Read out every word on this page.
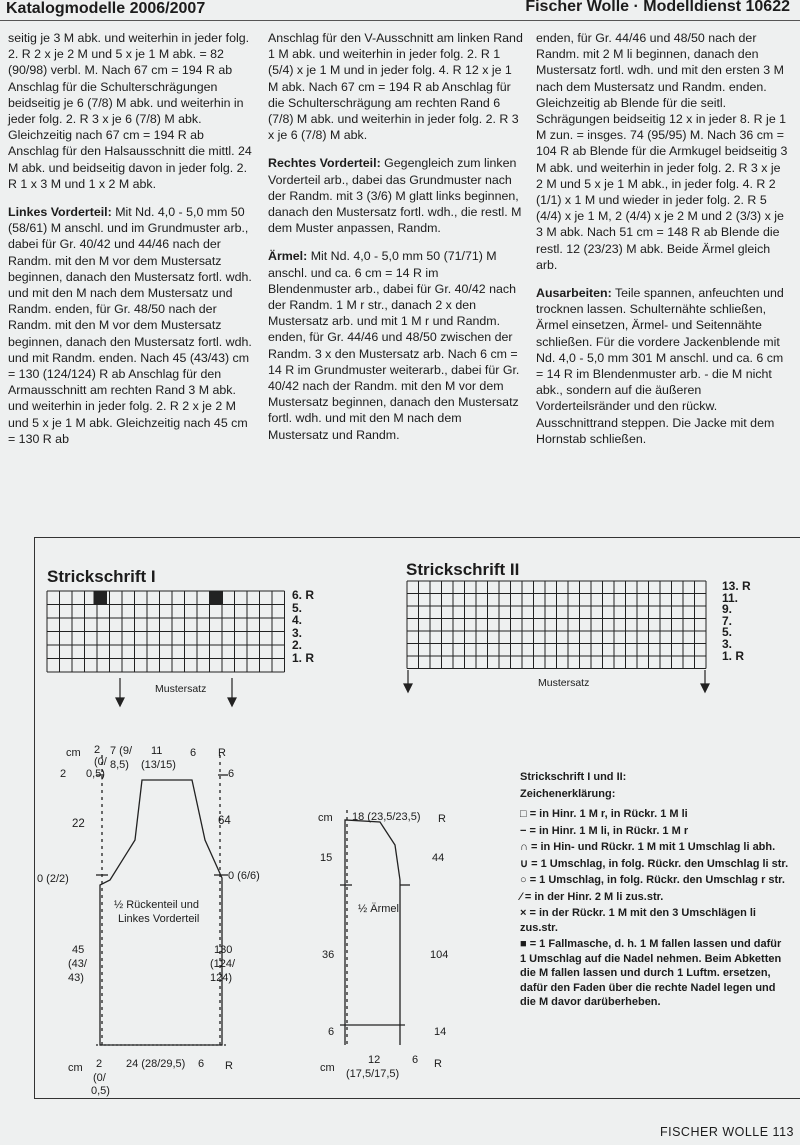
Katalogmodelle 2006/2007	Fischer Wolle · Modelldienst 10622

seitig je 3 M abk. und weiterhin in jeder folg. 2. R 2 x je 2 M und 5 x je 1 M abk. = 82 (90/98) verbl. M. Nach 67 cm = 194 R ab Anschlag für die Schulterschrägungen beidseitig je 6 (7/8) M abk. und weiterhin in jeder folg. 2. R 3 x je 6 (7/8) M abk. Gleichzeitig nach 67 cm = 194 R ab Anschlag für den Halsausschnitt die mittl. 24 M abk. und beidseitig davon in jeder folg. 2. R 1 x 3 M und 1 x 2 M abk.

Linkes Vorderteil: Mit Nd. 4,0 - 5,0 mm 50 (58/61) M anschl. und im Grundmuster arb., dabei für Gr. 40/42 und 44/46 nach der Randm. mit den M vor dem Mustersatz beginnen, danach den Mustersatz fortl. wdh. und mit den M nach dem Mustersatz und Randm. enden, für Gr. 48/50 nach der Randm. mit den M vor dem Mustersatz beginnen, danach den Mustersatz fortl. wdh. und mit Randm. enden. Nach 45 (43/43) cm = 130 (124/124) R ab Anschlag für den Armausschnitt am rechten Rand 3 M abk. und weiterhin in jeder folg. 2. R 2 x je 2 M und 5 x je 1 M abk. Gleichzeitig nach 45 cm = 130 R ab

Anschlag für den V-Ausschnitt am linken Rand 1 M abk. und weiterhin in jeder folg. 2. R 1 (5/4) x je 1 M und in jeder folg. 4. R 12 x je 1 M abk. Nach 67 cm = 194 R ab Anschlag für die Schulterschrägung am rechten Rand 6 (7/8) M abk. und weiterhin in jeder folg. 2. R 3 x je 6 (7/8) M abk.

Rechtes Vorderteil: Gegengleich zum linken Vorderteil arb., dabei das Grundmuster nach der Randm. mit 3 (3/6) M glatt links beginnen, danach den Mustersatz fortl. wdh., die restl. M dem Muster anpassen, Randm.

Ärmel: Mit Nd. 4,0 - 5,0 mm 50 (71/71) M anschl. und ca. 6 cm = 14 R im Blendenmuster arb., dabei für Gr. 40/42 nach der Randm. 1 M r str., danach 2 x den Mustersatz arb. und mit 1 M r und Randm. enden, für Gr. 44/46 und 48/50 zwischen der Randm. 3 x den Mustersatz arb. Nach 6 cm = 14 R im Grundmuster weiterarb., dabei für Gr. 40/42 nach der Randm. mit den M vor dem Mustersatz beginnen, danach den Mustersatz fortl. wdh. und mit den M nach dem Mustersatz und Randm.

enden, für Gr. 44/46 und 48/50 nach der Randm. mit 2 M li beginnen, danach den Mustersatz fortl. wdh. und mit den ersten 3 M nach dem Mustersatz und Randm. enden. Gleichzeitig ab Blende für die seitl. Schrägungen beidseitig 12 x in jeder 8. R je 1 M zun. = insges. 74 (95/95) M. Nach 36 cm = 104 R ab Blende für die Armkugel beidseitig 3 M abk. und weiterhin in jeder folg. 2. R 3 x je 2 M und 5 x je 1 M abk., in jeder folg. 4. R 2 (1/1) x 1 M und wieder in jeder folg. 2. R 5 (4/4) x je 1 M, 2 (4/4) x je 2 M und 2 (3/3) x je 3 M abk. Nach 51 cm = 148 R ab Blende die restl. 12 (23/23) M abk. Beide Ärmel gleich arb.

Ausarbeiten: Teile spannen, anfeuchten und trocknen lassen. Schulternähte schließen, Ärmel einsetzen, Ärmel- und Seitennähte schließen. Für die vordere Jackenblende mit Nd. 4,0 - 5,0 mm 301 M anschl. und ca. 6 cm = 14 R im Blendenmuster arb. - die M nicht abk., sondern auf die äußeren Vorderteilsränder und den rückw. Ausschnittrand steppen. Die Jacke mit dem Hornstab schließen.

Strickschrift I
6. R
5.
4.
3.
2.
1. R
Mustersatz
Strickschrift II
13. R
11.
9.
7.
5.
3.
1. R
Mustersatz
cm 2
(0/
7 (9/
8,5)
11
(13/15)
6 R
2 0,5)	6
22	64
0 (2/2)	0 (6/6)
½ Rückenteil und
Linkes Vorderteil
45
(43/
43)
130
(124/
124)
cm 2
(0/
0,5)
24 (28/29,5) 6 R
cm 18 (23,5/23,5) R
15	44
½ Ärmel
36	104
6	14
cm
12
(17,5/17,5)
6 R
Strickschrift I und II:
Zeichenerklärung:
□ = in Hinr. 1 M r, in Rückr. 1 M li
− = in Hinr. 1 M li, in Rückr. 1 M r
∩ = in Hin- und Rückr. 1 M mit 1 Umschlag li abh.
∪ = 1 Umschlag, in folg. Rückr. den Umschlag li str.
○ = 1 Umschlag, in folg. Rückr. den Umschlag r str.
⁄ = in der Hinr. 2 M li zus.str.
× = in der Rückr. 1 M mit den 3 Umschlägen li zus.str.
■ = 1 Fallmasche, d. h. 1 M fallen lassen und dafür 1 Umschlag auf die Nadel nehmen. Beim Abketten die M fallen lassen und durch 1 Luftm. ersetzen, dafür den Faden über die rechte Nadel legen und die M davor darüberheben.
FISCHER WOLLE 113
